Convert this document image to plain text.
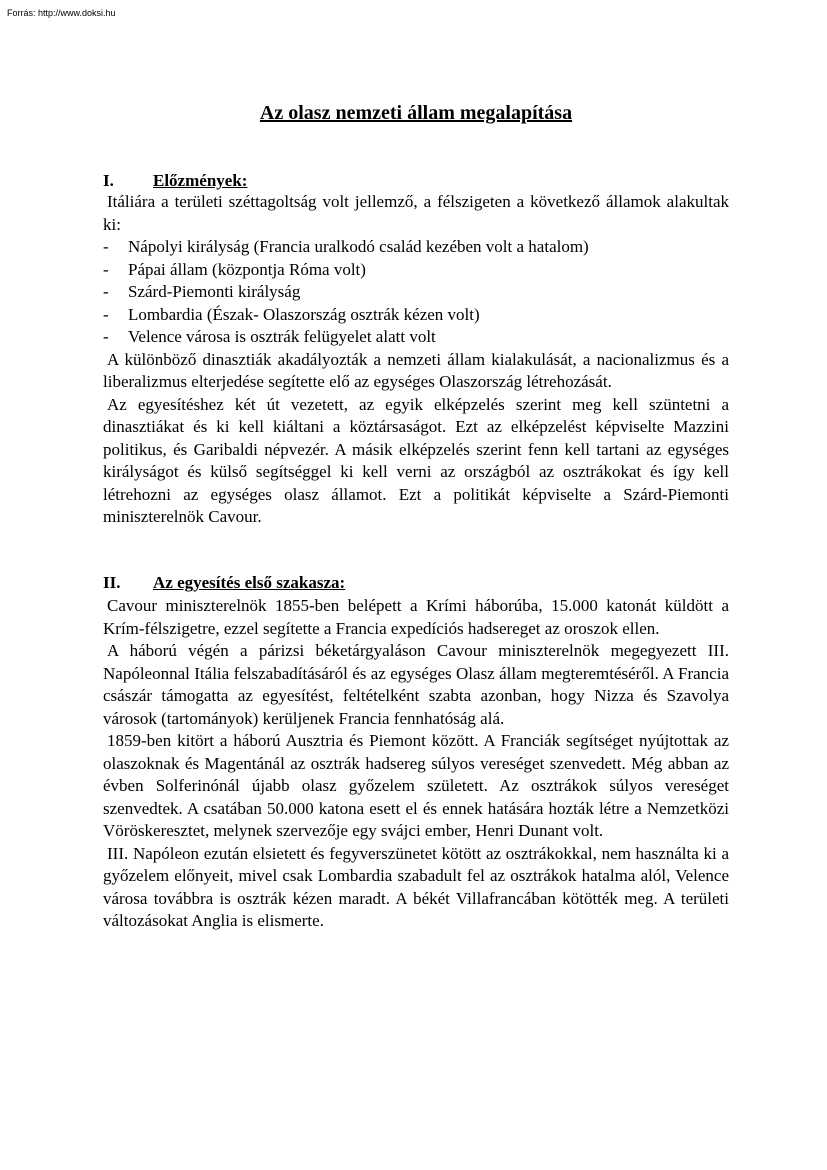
Forrás: http://www.doksi.hu
Az olasz nemzeti állam megalapítása
I. Előzmények:

Itáliára a területi széttagoltság volt jellemző, a félszigeten a következő államok alakultak ki:

- Nápolyi királyság (Francia uralkodó család kezében volt a hatalom)
- Pápai állam (központja Róma volt)
- Szárd-Piemonti királyság
- Lombardia (Észak- Olaszország osztrák kézen volt)
- Velence városa is osztrák felügyelet alatt volt

A különböző dinasztiák akadályozták a nemzeti állam kialakulását, a nacionalizmus és a liberalizmus elterjedése segítette elő az egységes Olaszország létrehozását.

Az egyesítéshez két út vezetett, az egyik elképzelés szerint meg kell szüntetni a dinasztiákat és ki kell kiáltani a köztársaságot. Ezt az elképzelést képviselte Mazzini politikus, és Garibaldi népvezér. A másik elképzelés szerint fenn kell tartani az egységes királyságot és külső segítséggel ki kell verni az országból az osztrákokat és így kell létrehozni az egységes olasz államot. Ezt a politikát képviselte a Szárd-Piemonti miniszterelnök Cavour.

II. Az egyesítés első szakasza:

Cavour miniszterelnök 1855-ben belépett a Krími háborúba, 15.000 katonát küldött a Krím-félszigetre, ezzel segítette a Francia expedíciós hadsereget az oroszok ellen.

A háború végén a párizsi béketárgyaláson Cavour miniszterelnök megegyezett III. Napóleonnal Itália felszabadításáról és az egységes Olasz állam megteremtéséről. A Francia császár támogatta az egyesítést, feltételként szabta azonban, hogy Nizza és Szavolya városok (tartományok) kerüljenek Francia fennhatóság alá.

1859-ben kitört a háború Ausztria és Piemont között. A Franciák segítséget nyújtottak az olaszoknak és Magentánál az osztrák hadsereg súlyos vereséget szenvedett. Még abban az évben Solferinónál újabb olasz győzelem született. Az osztrákok súlyos vereséget szenvedtek. A csatában 50.000 katona esett el és ennek hatására hozták létre a Nemzetközi Vöröskeresztet, melynek szervezője egy svájci ember, Henri Dunant volt.

III. Napóleon ezután elsietett és fegyverszünetet kötött az osztrákokkal, nem használta ki a győzelem előnyeit, mivel csak Lombardia szabadult fel az osztrákok hatalma alól, Velence városa továbbra is osztrák kézen maradt. A békét Villafrancában kötötték meg. A területi változásokat Anglia is elismerte.
